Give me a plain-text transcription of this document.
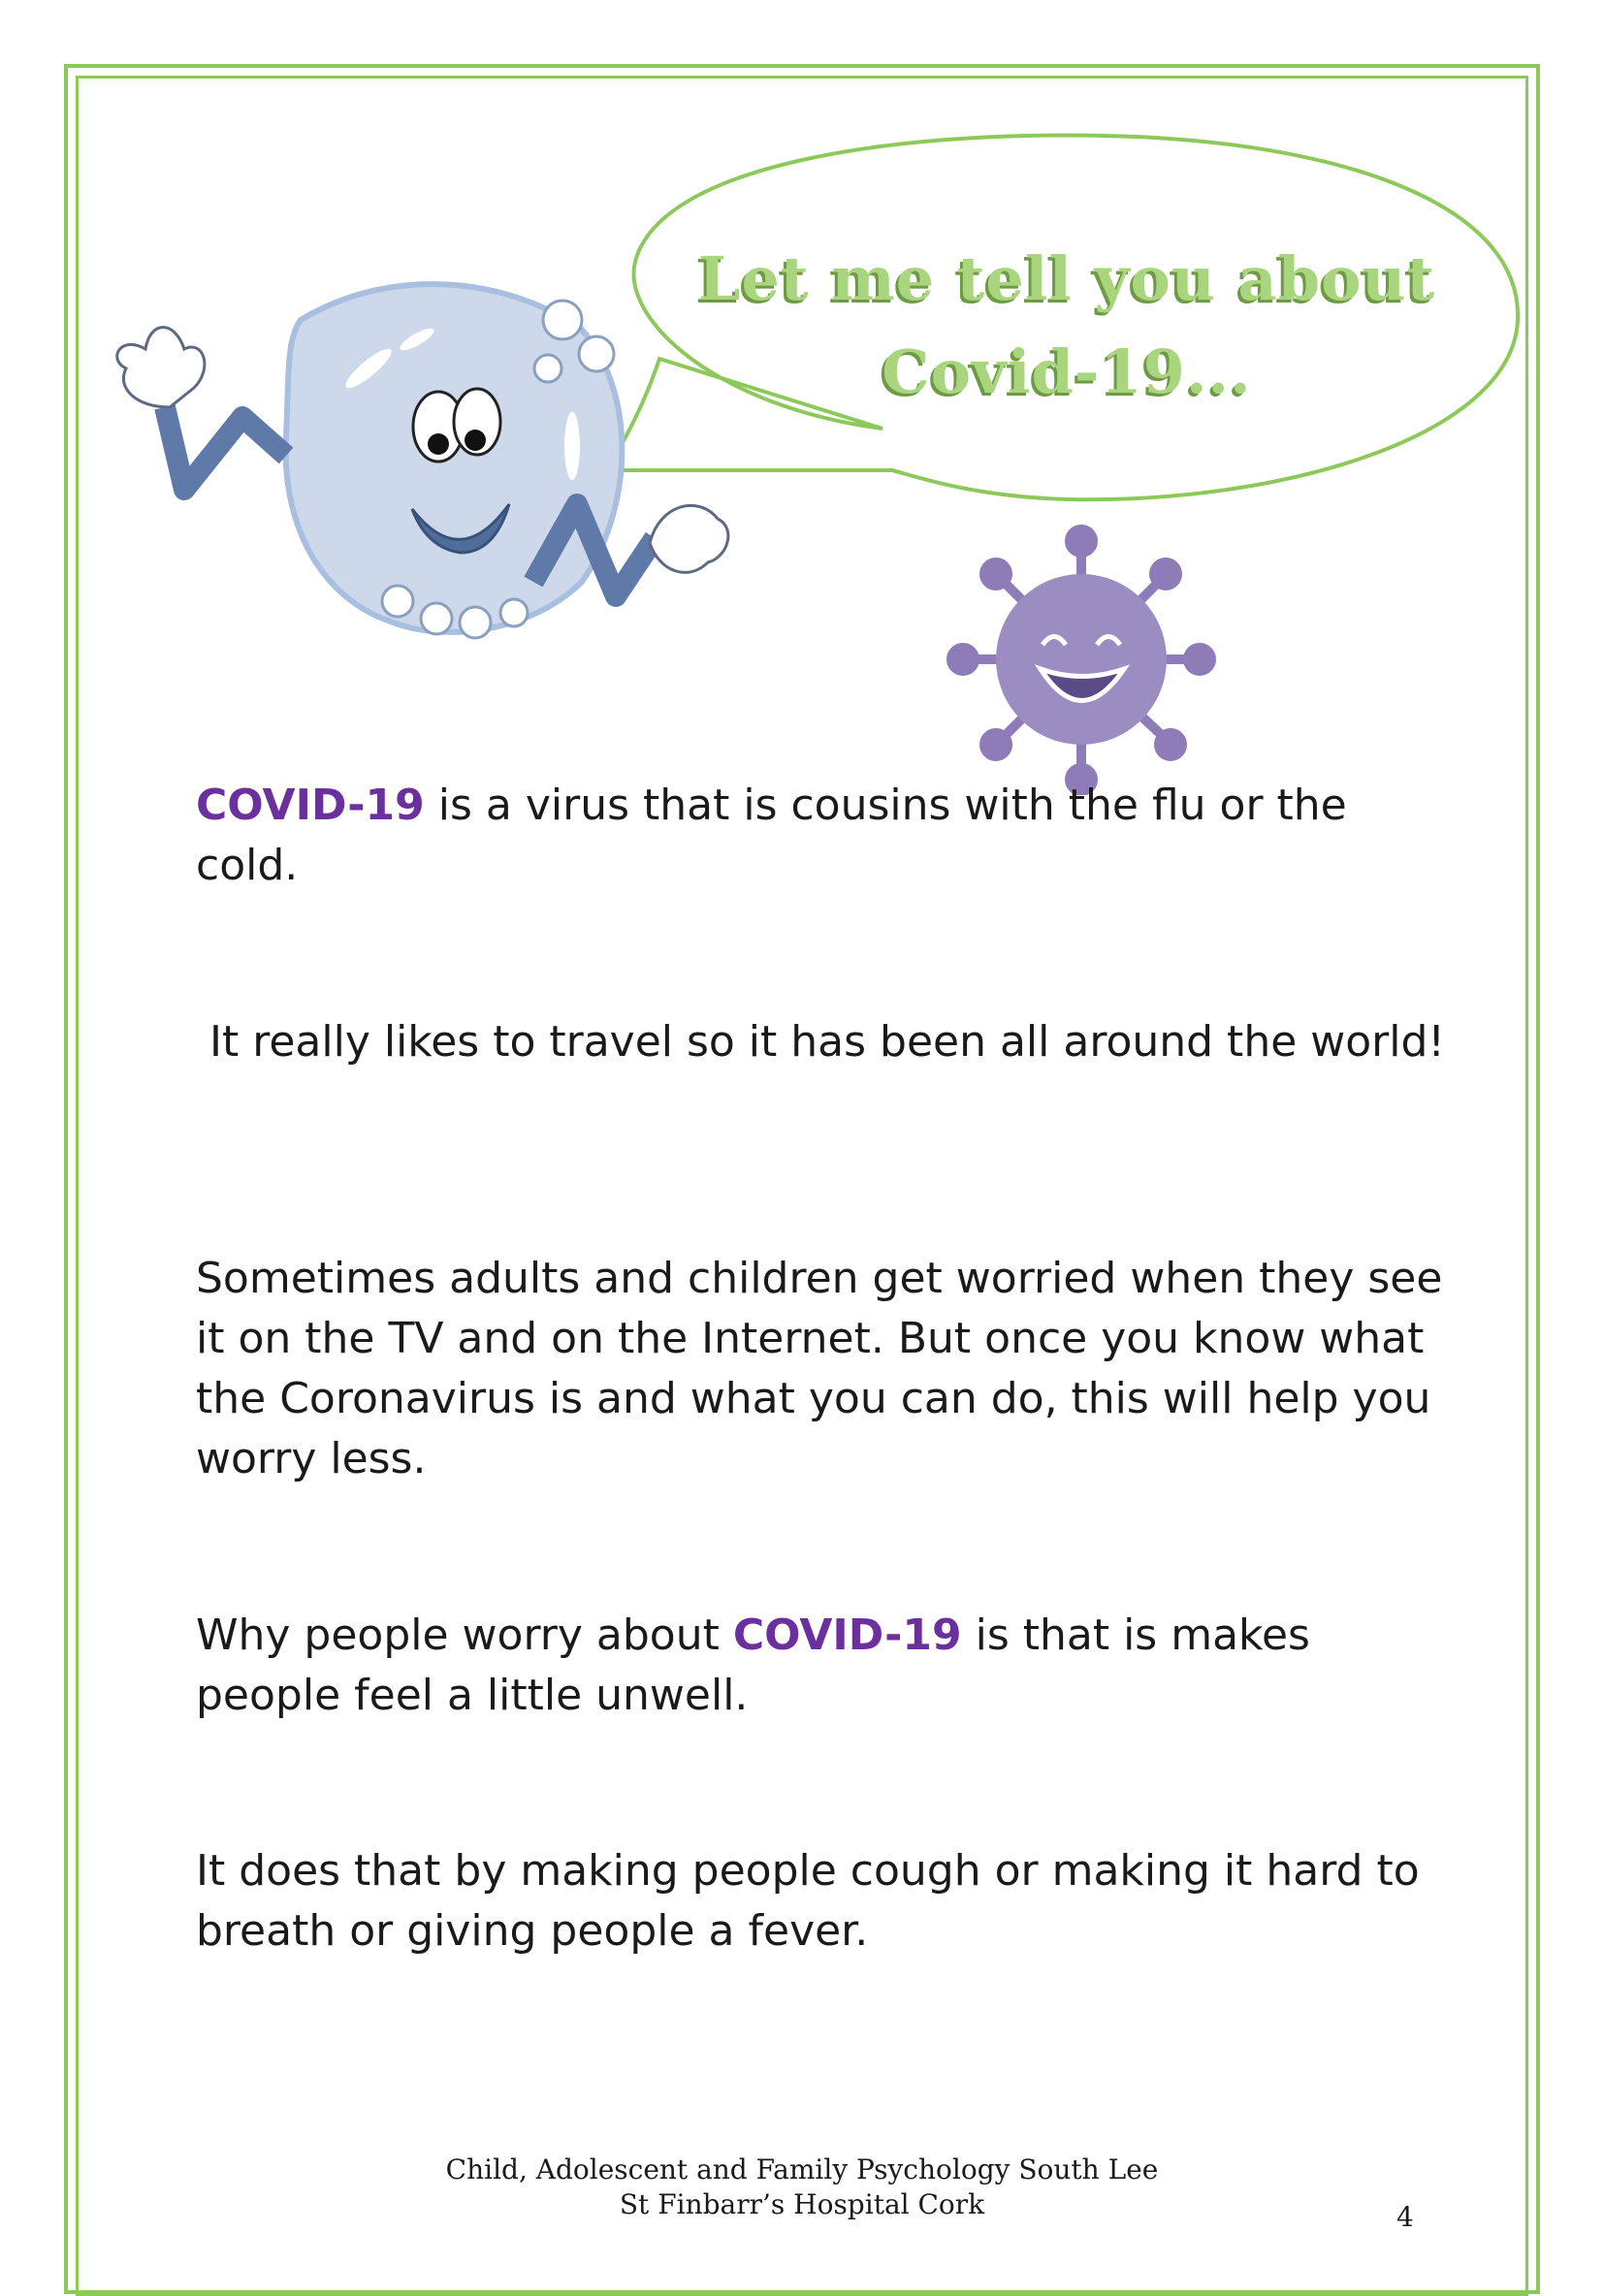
Let me tell you about
Covid-19...
COVID-19 is a virus that is cousins with the flu or the cold.
It really likes to travel so it has been all around the world!
Sometimes adults and children get worried when they see it on the TV and on the Internet. But once you know what the Coronavirus is and what you can do, this will help you worry less.
Why people worry about COVID-19 is that is makes people feel a little unwell.
It does that by making people cough or making it hard to breath or giving people a fever.
Child, Adolescent and Family Psychology South Lee
St Finbarr’s Hospital Cork	4
